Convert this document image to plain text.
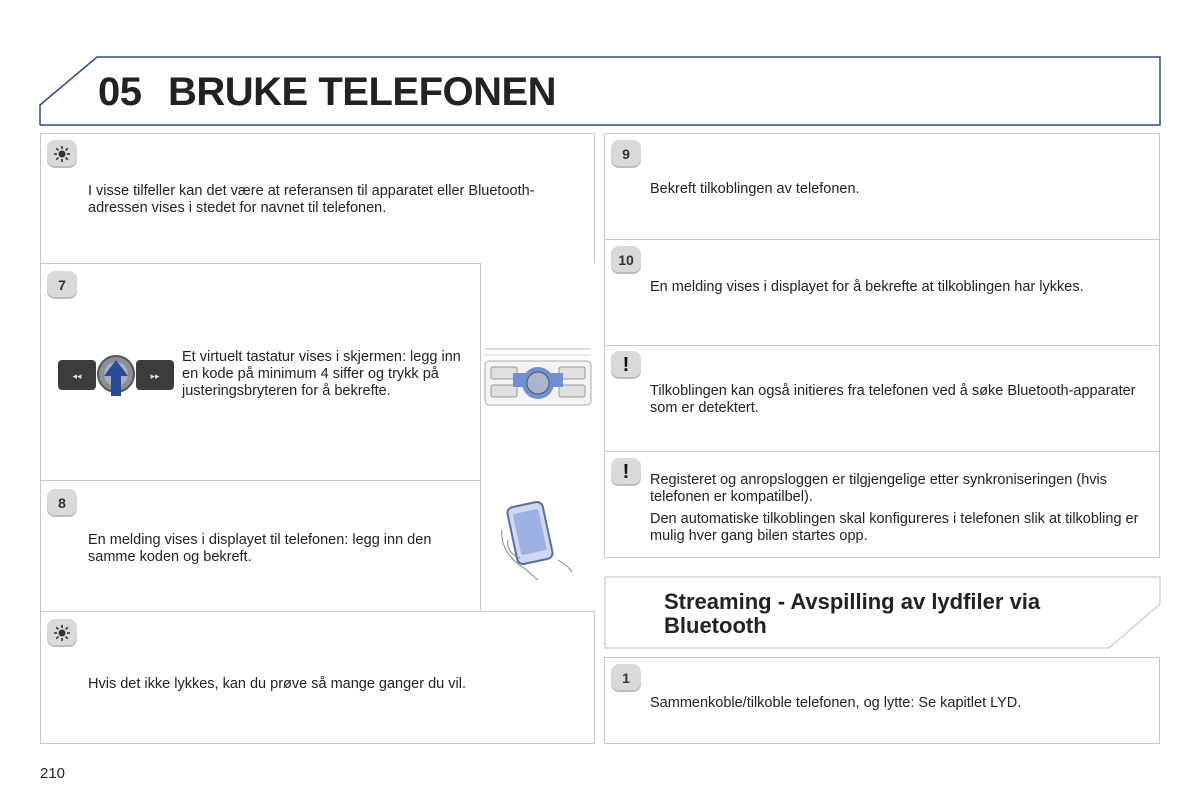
05 BRUKE TELEFONEN
I visse tilfeller kan det være at referansen til apparatet eller Bluetooth-adressen vises i stedet for navnet til telefonen.
7
◂◂	▸▸
Et virtuelt tastatur vises i skjermen: legg inn en kode på minimum 4 siffer og trykk på justeringsbryteren for å bekrefte.
8
En melding vises i displayet til telefonen: legg inn den samme koden og bekreft.
Hvis det ikke lykkes, kan du prøve så mange ganger du vil.
9
Bekreft tilkoblingen av telefonen.
10
En melding vises i displayet for å bekrefte at tilkoblingen har lykkes.
!
Tilkoblingen kan også initieres fra telefonen ved å søke Bluetooth-apparater som er detektert.
!	Registeret og anropsloggen er tilgjengelige etter synkroniseringen (hvis telefonen er kompatilbel).

Den automatiske tilkoblingen skal konfigureres i telefonen slik at tilkobling er mulig hver gang bilen startes opp.

Streaming - Avspilling av lydfiler via Bluetooth
1
Sammenkoble/tilkoble telefonen, og lytte: Se kapitlet LYD.
210
